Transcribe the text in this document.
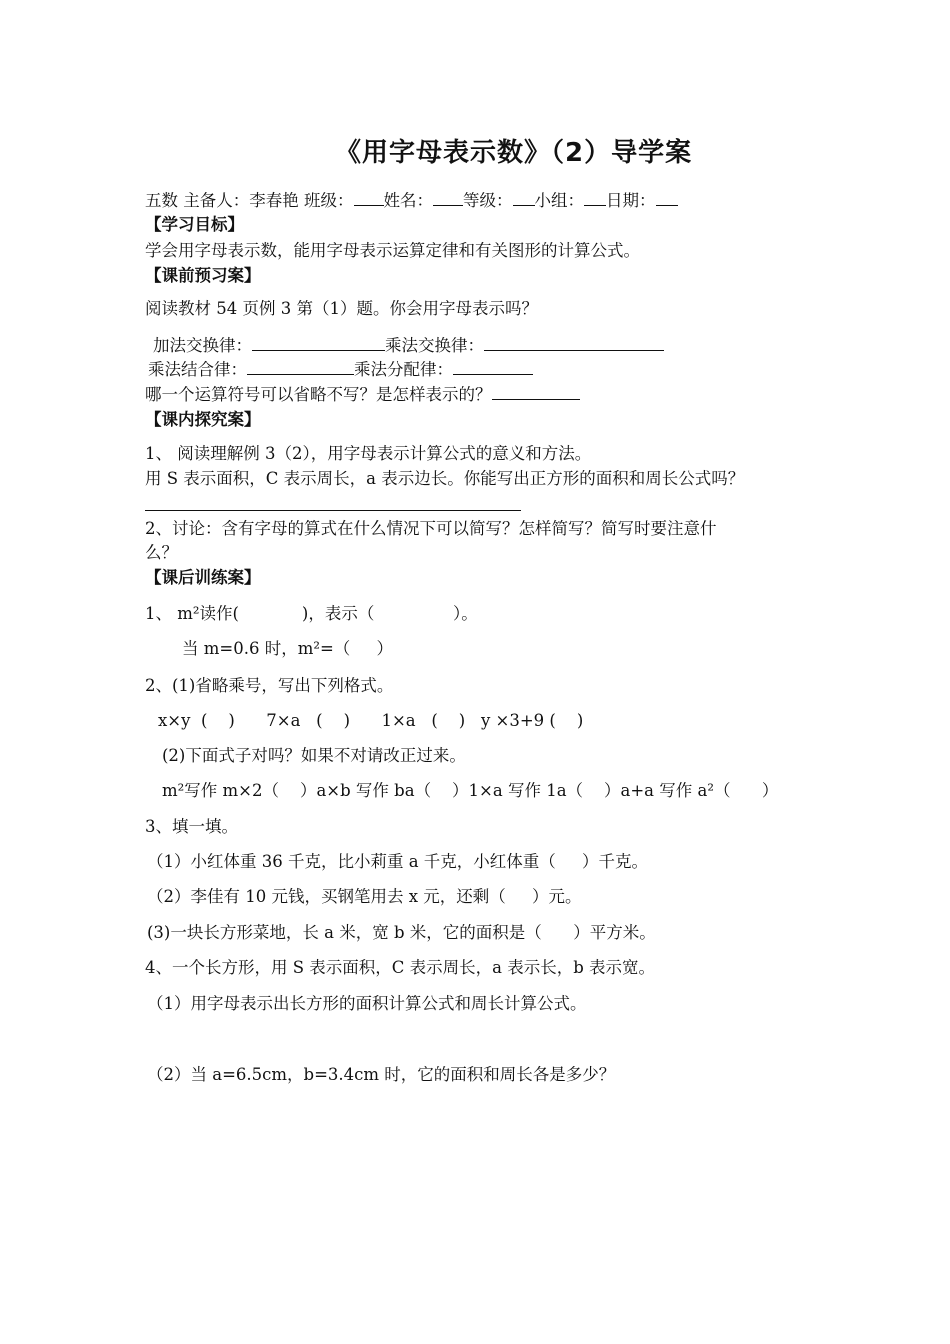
《用字母表示数》（2）导学案
五数 主备人：李春艳 班级： 姓名： 等级： 小组： 日期：
【学习目标】
学会用字母表示数，能用字母表示运算定律和有关图形的计算公式。
【课前预习案】
阅读教材 54 页例 3 第（1）题。你会用字母表示吗？
加法交换律：	乘法交换律：
乘法结合律：	乘法分配律：
哪一个运算符号可以省略不写？是怎样表示的？
【课内探究案】
1、 阅读理解例 3（2），用字母表示计算公式的意义和方法。
用 S 表示面积，C 表示周长，a 表示边长。你能写出正方形的面积和周长公式吗？
2、讨论：含有字母的算式在什么情况下可以简写？怎样简写？简写时要注意什
么？
【课后训练案】
1、 m²读作(            )，表示（               ）。
当 m=0.6 时，m²=（     ）
2、(1)省略乘号，写出下列格式。
x×y  (    )      7×a   (    )      1×a   (    )   y ×3+9 (    )
(2)下面式子对吗？如果不对请改正过来。
m²写作 m×2（    ）a×b 写作 ba（    ）1×a 写作 1a（    ）a+a 写作 a²（      ）
3、填一填。
（1）小红体重 36 千克，比小莉重 a 千克，小红体重（     ）千克。
（2）李佳有 10 元钱，买钢笔用去 x 元，还剩（     ）元。
(3)一块长方形菜地，长 a 米，宽 b 米，它的面积是（      ）平方米。
4、一个长方形，用 S 表示面积，C 表示周长，a 表示长，b 表示宽。
（1）用字母表示出长方形的面积计算公式和周长计算公式。
（2）当 a=6.5cm，b=3.4cm 时，它的面积和周长各是多少？
